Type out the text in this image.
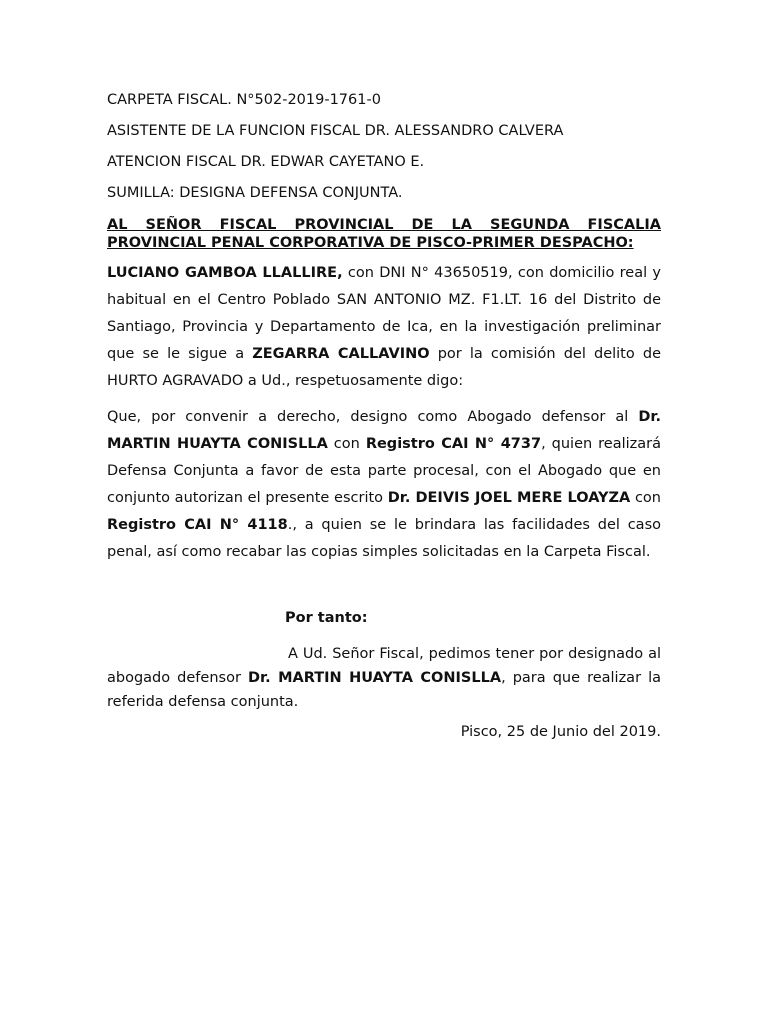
CARPETA FISCAL. N°502-2019-1761-0
ASISTENTE DE LA FUNCION FISCAL DR. ALESSANDRO CALVERA
ATENCION FISCAL DR. EDWAR CAYETANO E.
SUMILLA: DESIGNA DEFENSA CONJUNTA.
AL SEÑOR FISCAL PROVINCIAL DE LA SEGUNDA FISCALIA PROVINCIAL PENAL CORPORATIVA DE PISCO-PRIMER DESPACHO:
LUCIANO GAMBOA LLALLIRE, con DNI N° 43650519, con domicilio real y habitual en el Centro Poblado SAN ANTONIO MZ. F1.LT. 16 del Distrito de Santiago, Provincia y Departamento de Ica, en la investigación preliminar que se le sigue a ZEGARRA CALLAVINO por la comisión del delito de HURTO AGRAVADO a Ud., respetuosamente digo:
Que, por convenir a derecho, designo como Abogado defensor al Dr. MARTIN HUAYTA CONISLLA con Registro CAI N° 4737, quien realizará Defensa Conjunta a favor de esta parte procesal, con el Abogado que en conjunto autorizan el presente escrito Dr. DEIVIS JOEL MERE LOAYZA con Registro CAI N° 4118., a quien se le brindara las facilidades del caso penal, así como recabar las copias simples solicitadas en la Carpeta Fiscal.
Por tanto:
A Ud. Señor Fiscal, pedimos tener por designado al abogado defensor Dr. MARTIN HUAYTA CONISLLA, para que realizar la referida defensa conjunta.
Pisco, 25 de Junio del 2019.
